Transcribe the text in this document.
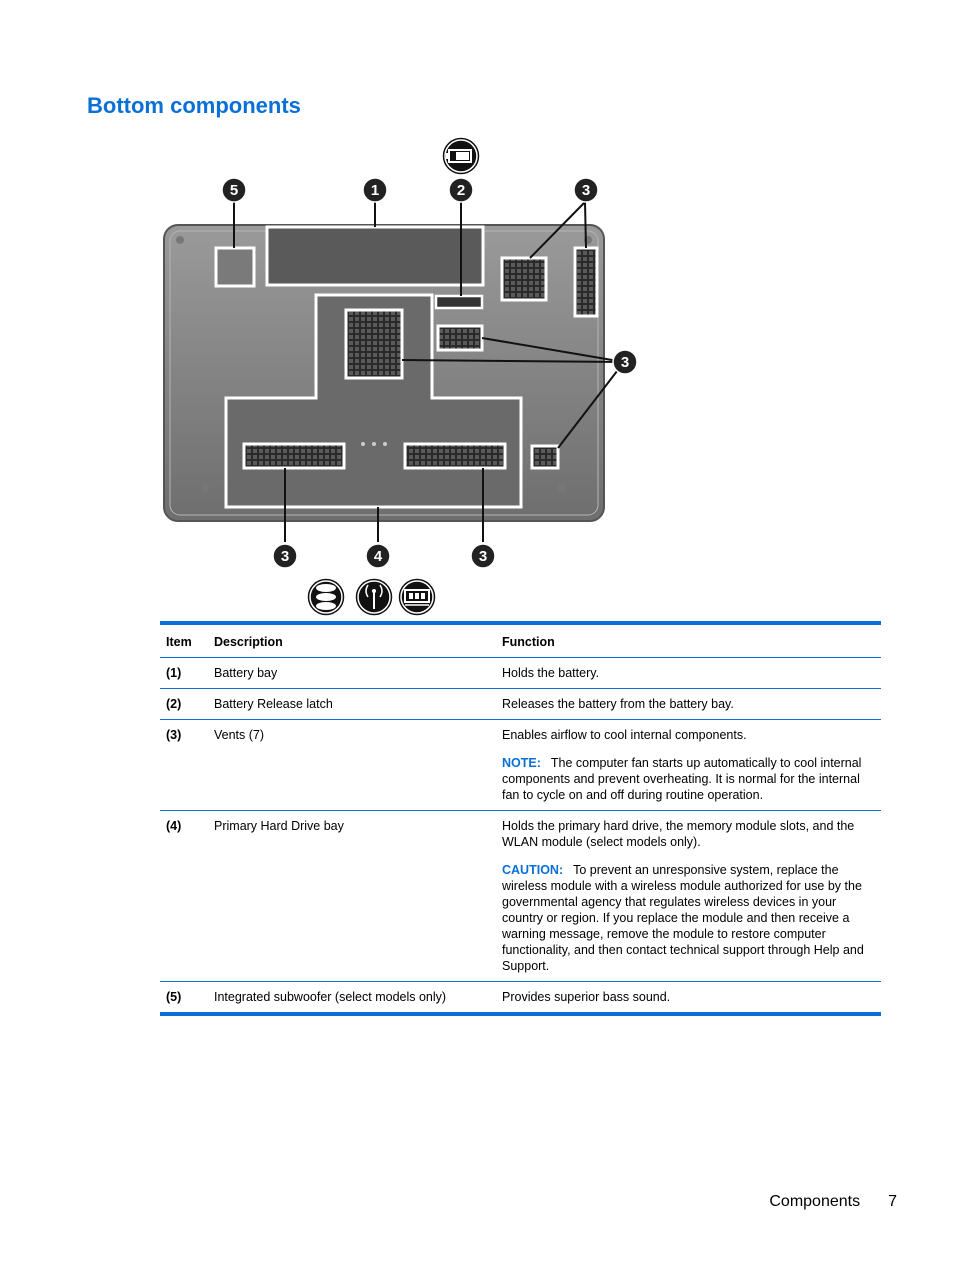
Bottom components
5	1	2	3
3
3	4	3
Item	Description	Function
(1)	Battery bay	Holds the battery.
(2)	Battery Release latch	Releases the battery from the battery bay.
(3)	Vents (7)	Enables airflow to cool internal components.

NOTE: The computer fan starts up automatically to cool internal components and prevent overheating. It is normal for the internal fan to cycle on and off during routine operation.

(4)	Primary Hard Drive bay	Holds the primary hard drive, the memory module slots, and the WLAN module (select models only).

CAUTION: To prevent an unresponsive system, replace the wireless module with a wireless module authorized for use by the governmental agency that regulates wireless devices in your country or region. If you replace the module and then receive a warning message, remove the module to restore computer functionality, and then contact technical support through Help and Support.

(5)	Integrated subwoofer (select models only)	Provides superior bass sound.
Components 7
